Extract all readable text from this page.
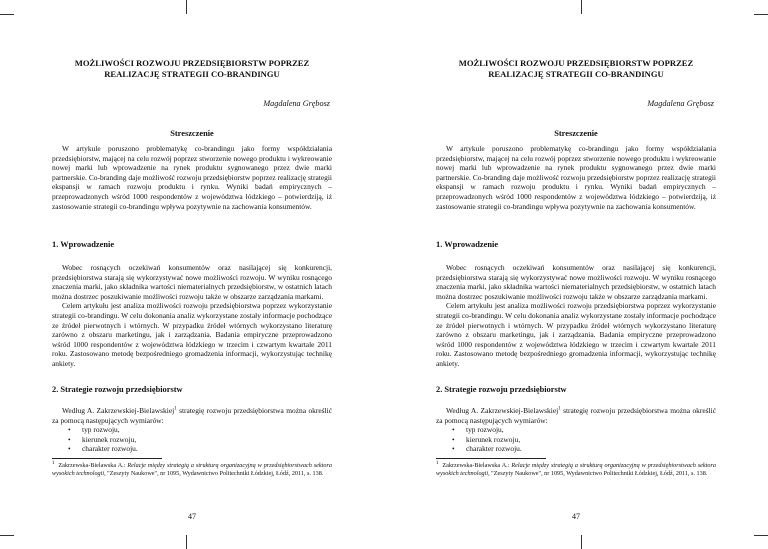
MOŻLIWOŚCI ROZWOJU PRZEDSIĘBIORSTW POPRZEZ
REALIZACJĘ STRATEGII CO-BRANDINGU
Magdalena Grębosz
Streszczenie

W artykule poruszono problematykę co-brandingu jako formy współdziałania przedsiębiorstw, mającej na celu rozwój poprzez stworzenie nowego produktu i wykreowanie nowej marki lub wprowadzenie na rynek produktu sygnowanego przez dwie marki partnerskie. Co-branding daje możliwość rozwoju przedsiębiorstw poprzez realizację strategii ekspansji w ramach rozwoju produktu i rynku. Wyniki badań empirycznych – przeprowadzonych wśród 1000 respondentów z województwa łódzkiego – potwierdziją, iż zastosowanie strategii co-brandingu wpływa pozytywnie na zachowania konsumentów.

1. Wprowadzenie

Wobec rosnących oczekiwań konsumentów oraz nasilającej się konkurencji, przedsiębiorstwa starają się wykorzystywać nowe możliwości rozwoju. W wyniku rosnącego znaczenia marki, jako składnika wartości niematerialnych przedsiębiorstw, w ostatnich latach można dostrzec poszukiwanie możliwości rozwoju także w obszarze zarządzania markami.

Celem artykułu jest analiza możliwości rozwoju przedsiębiorstwa poprzez wykorzystanie strategii co-brandingu. W celu dokonania analiz wykorzystane zostały informacje pochodzące ze źródeł pierwotnych i wtórnych. W przypadku źródeł wtórnych wykorzystano literaturę zarówno z obszaru marketingu, jak i zarządzania. Badania empiryczne przeprowadzono wśród 1000 respondentów z województwa łódzkiego w trzecim i czwartym kwartale 2011 roku. Zastosowano metodę bezpośredniego gromadzenia informacji, wykorzystując technikę ankiety.

2. Strategie rozwoju przedsiębiorstw
Według A. Zakrzewskiej-Bielawskiej$^1$ strategię rozwoju przedsiębiorstwa można określić za pomocą następujących wymiarów:
• typ rozwoju,
• kierunek rozwoju,
• charakter rozwoju.
$^1$ Zakrzewska-Bielawska A.: Relacje między strategią a strukturą organizacyjną w przedsiębiorstwach sektora wysokich technologii, "Zeszyty Naukowe", nr 1095, Wydawnictwo Politechniki Łódzkiej, Łódź, 2011, s. 138.
47
MOŻLIWOŚCI ROZWOJU PRZEDSIĘBIORSTW POPRZEZ
REALIZACJĘ STRATEGII CO-BRANDINGU
Magdalena Grębosz
Streszczenie

W artykule poruszono problematykę co-brandingu jako formy współdziałania przedsiębiorstw, mającej na celu rozwój poprzez stworzenie nowego produktu i wykreowanie nowej marki lub wprowadzenie na rynek produktu sygnowanego przez dwie marki partnerskie. Co-branding daje możliwość rozwoju przedsiębiorstw poprzez realizację strategii ekspansji w ramach rozwoju produktu i rynku. Wyniki badań empirycznych – przeprowadzonych wśród 1000 respondentów z województwa łódzkiego – potwierdziją, iż zastosowanie strategii co-brandingu wpływa pozytywnie na zachowania konsumentów.

1. Wprowadzenie

Wobec rosnących oczekiwań konsumentów oraz nasilającej się konkurencji, przedsiębiorstwa starają się wykorzystywać nowe możliwości rozwoju. W wyniku rosnącego znaczenia marki, jako składnika wartości niematerialnych przedsiębiorstw, w ostatnich latach można dostrzec poszukiwanie możliwości rozwoju także w obszarze zarządzania markami.

Celem artykułu jest analiza możliwości rozwoju przedsiębiorstwa poprzez wykorzystanie strategii co-brandingu. W celu dokonania analiz wykorzystane zostały informacje pochodzące ze źródeł pierwotnych i wtórnych. W przypadku źródeł wtórnych wykorzystano literaturę zarówno z obszaru marketingu, jak i zarządzania. Badania empiryczne przeprowadzono wśród 1000 respondentów z województwa łódzkiego w trzecim i czwartym kwartale 2011 roku. Zastosowano metodę bezpośredniego gromadzenia informacji, wykorzystując technikę ankiety.

2. Strategie rozwoju przedsiębiorstw
Według A. Zakrzewskiej-Bielawskiej$^1$ strategię rozwoju przedsiębiorstwa można określić za pomocą następujących wymiarów:
• typ rozwoju,
• kierunek rozwoju,
• charakter rozwoju.
$^1$ Zakrzewska-Bielawska A.: Relacje między strategią a strukturą organizacyjną w przedsiębiorstwach sektora wysokich technologii, "Zeszyty Naukowe", nr 1095, Wydawnictwo Politechniki Łódzkiej, Łódź, 2011, s. 138.
47
